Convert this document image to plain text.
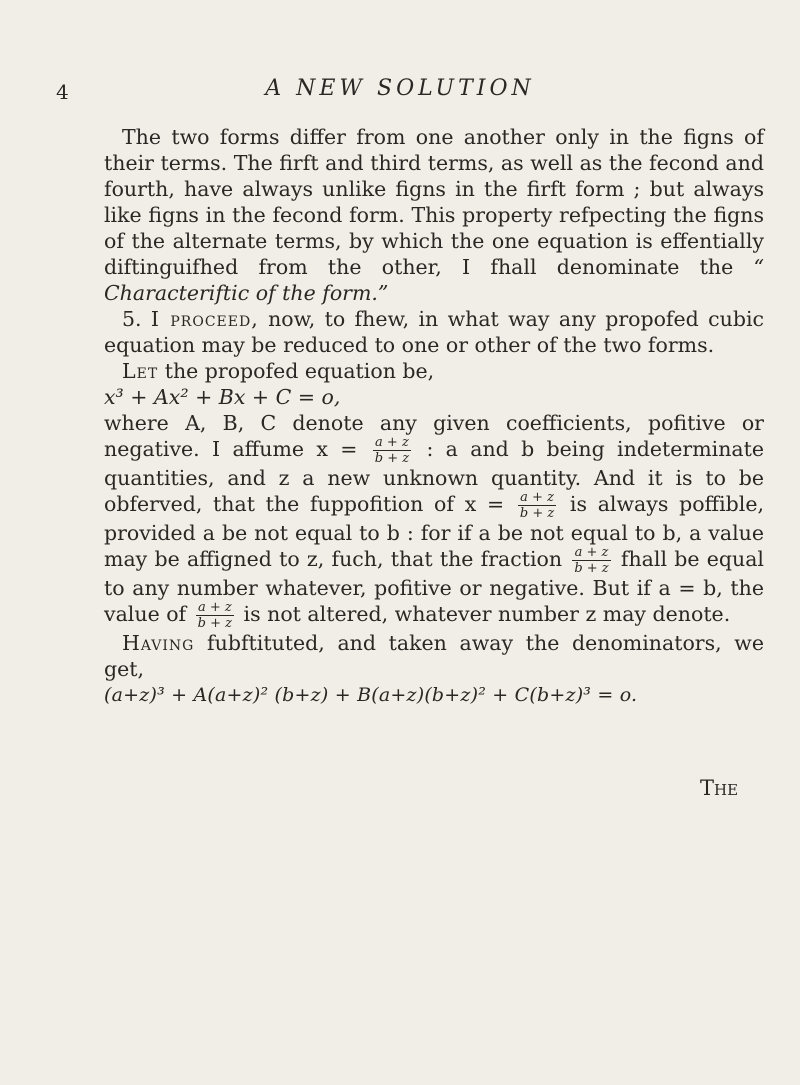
4	A NEW SOLUTION

The two forms differ from one another only in the figns of their terms. The firft and third terms, as well as the fecond and fourth, have always unlike figns in the firft form ; but always like figns in the fecond form. This property refpecting the figns of the alternate terms, by which the one equation is effentially diftinguifhed from the other, I fhall denominate the “ Characteriftic of the form.”

5. I proceed, now, to fhew, in what way any propofed cubic equation may be reduced to one or other of the two forms.

Let the propofed equation be,

x³ + Ax² + Bx + C = o,

where A, B, C denote any given coefficients, pofitive or negative. I affume $x = \frac{a + z}{b + z}$ : a and b being indeterminate quantities, and z a new unknown quantity. And it is to be obferved, that the fuppofition of $x = \frac{a + z}{b + z}$ is always poffible, provided a be not equal to b : for if a be not equal to b, a value may be affigned to z, fuch, that the fraction $\frac{a + z}{b + z}$ fhall be equal to any number whatever, pofitive or negative. But if a = b, the value of $\frac{a + z}{b + z}$ is not altered, whatever number z may denote.

Having fubftituted, and taken away the denominators, we get,

(a+z)³ + A(a+z)² (b+z) + B(a+z)(b+z)² + C(b+z)³ = o.

The
